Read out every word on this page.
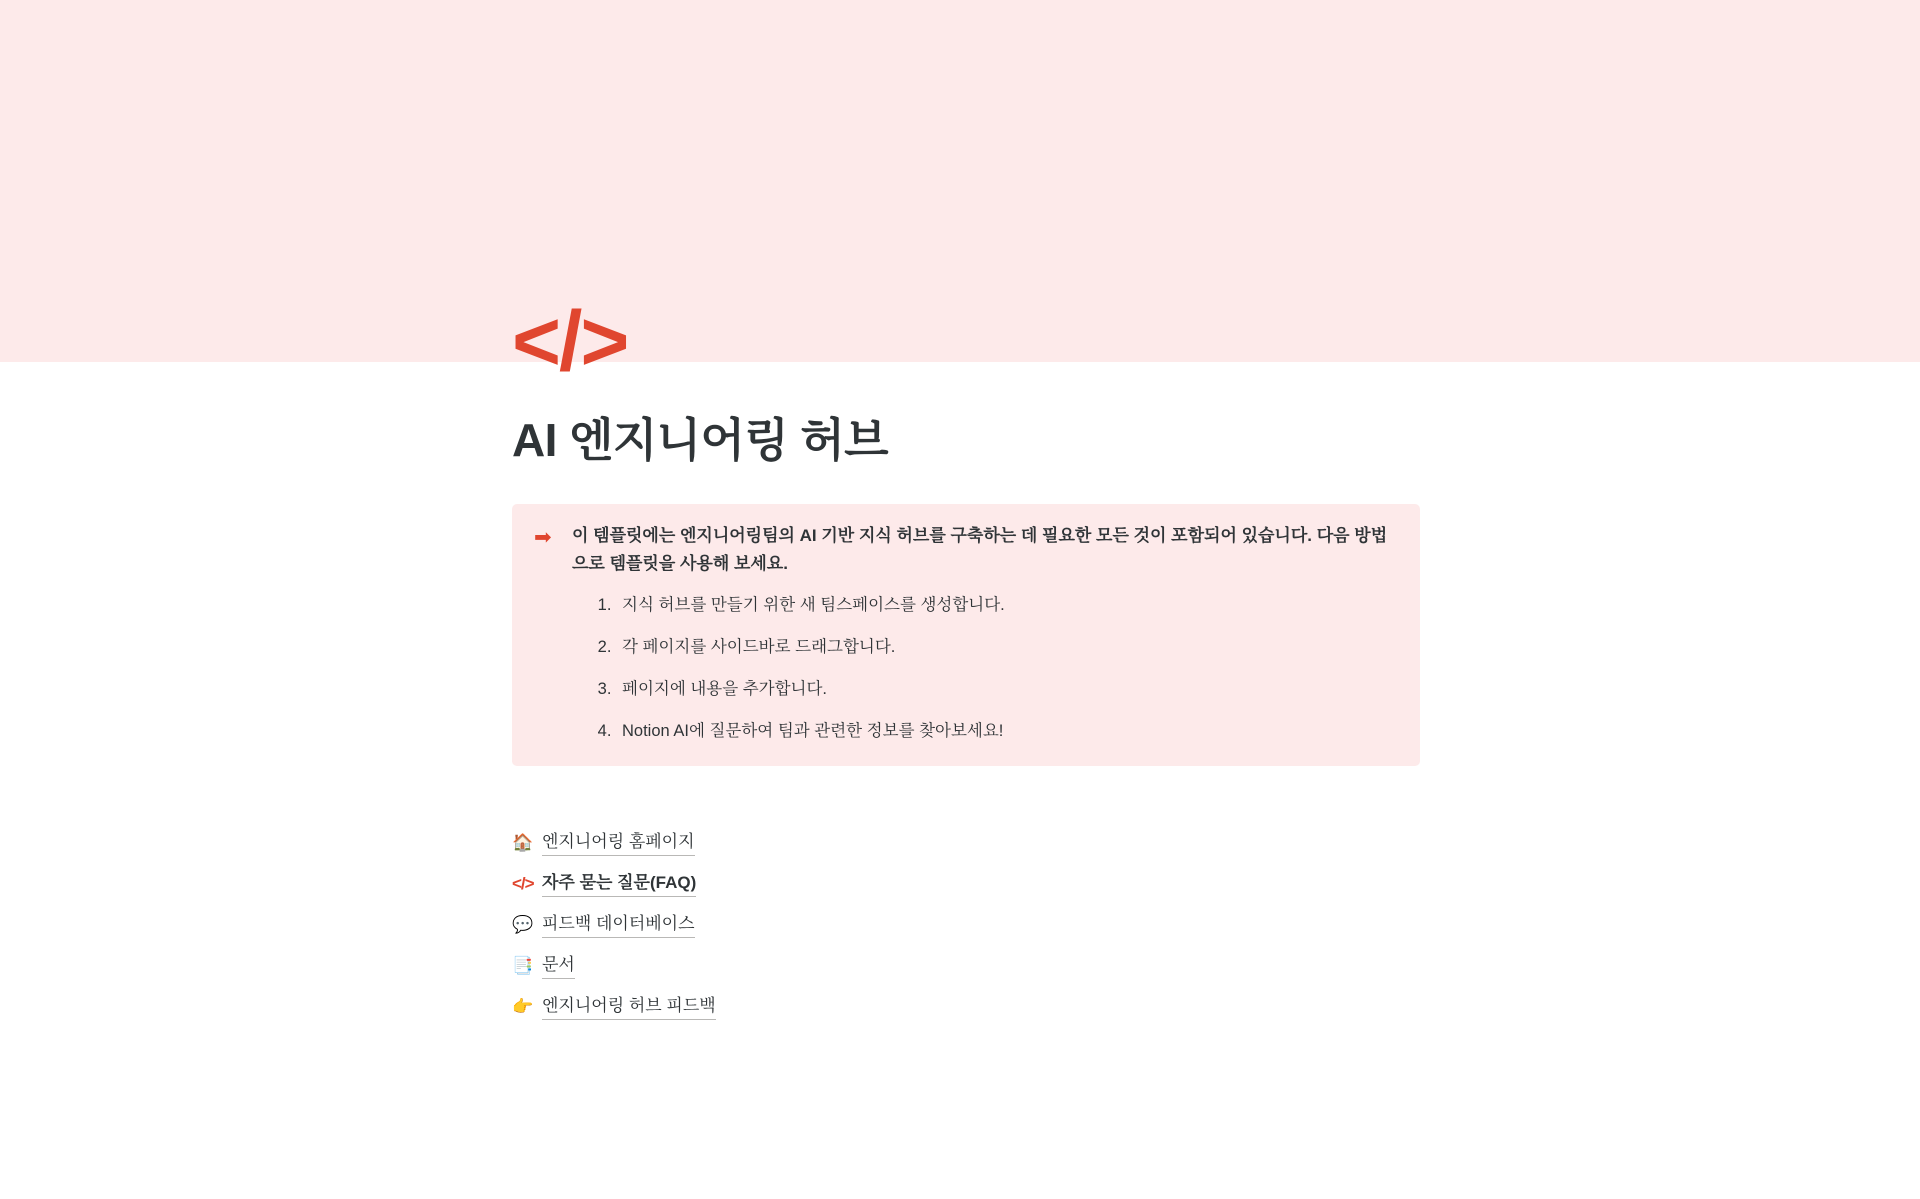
</>
AI 엔지니어링 허브
➡	이 템플릿에는 엔지니어링팀의 AI 기반 지식 허브를 구축하는 데 필요한 모든 것이 포함되어 있습니다. 다음 방법으로 템플릿을 사용해 보세요.

1. 지식 허브를 만들기 위한 새 팀스페이스를 생성합니다.
2. 각 페이지를 사이드바로 드래그합니다.
3. 페이지에 내용을 추가합니다.
4. Notion AI에 질문하여 팀과 관련한 정보를 찾아보세요!
🏠 엔지니어링 홈페이지
</> 자주 묻는 질문(FAQ)
💬 피드백 데이터베이스
📑 문서
👉 엔지니어링 허브 피드백
